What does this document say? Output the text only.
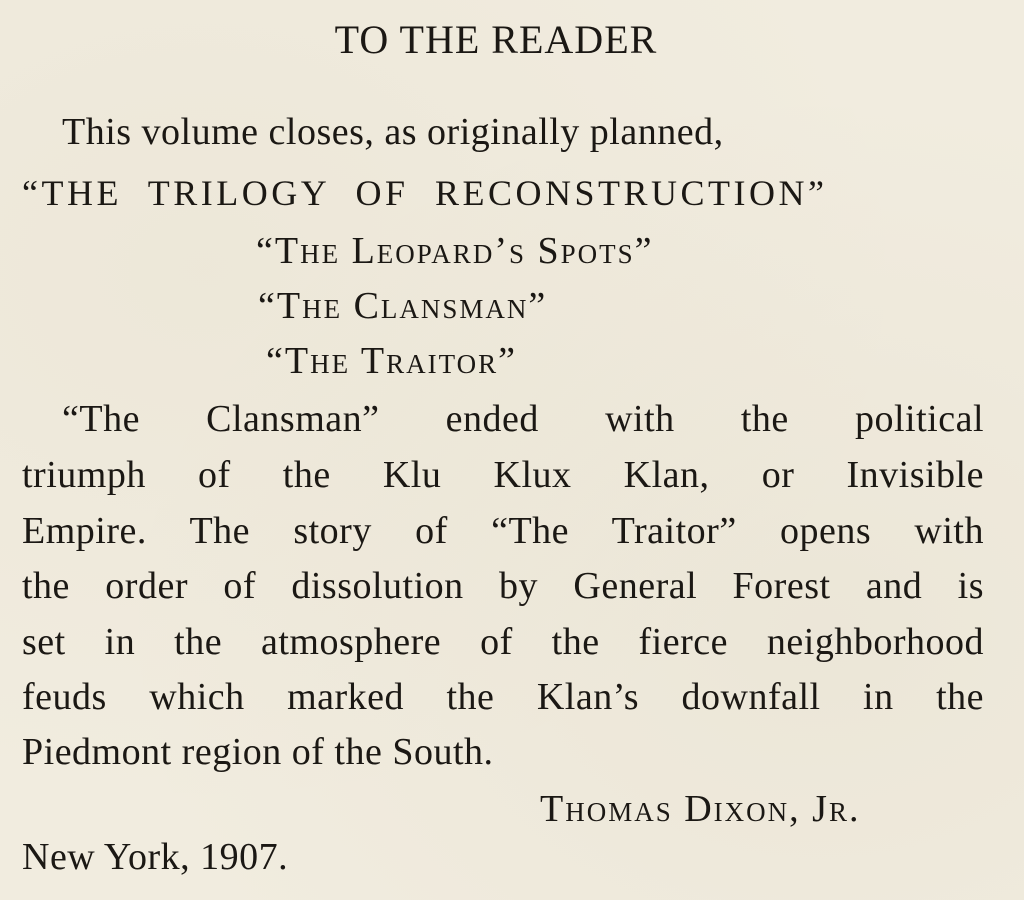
TO THE READER
This volume closes, as originally planned,
“THE TRILOGY OF RECONSTRUCTION”
“The Leopard’s Spots”
“The Clansman”
“The Traitor”
“The Clansman” ended with the political
triumph of the Klu Klux Klan, or Invisible
Empire. The story of “The Traitor” opens with
the order of dissolution by General Forest and is
set in the atmosphere of the fierce neighborhood
feuds which marked the Klan’s downfall in the
Piedmont region of the South.
Thomas Dixon, Jr.
New York, 1907.
